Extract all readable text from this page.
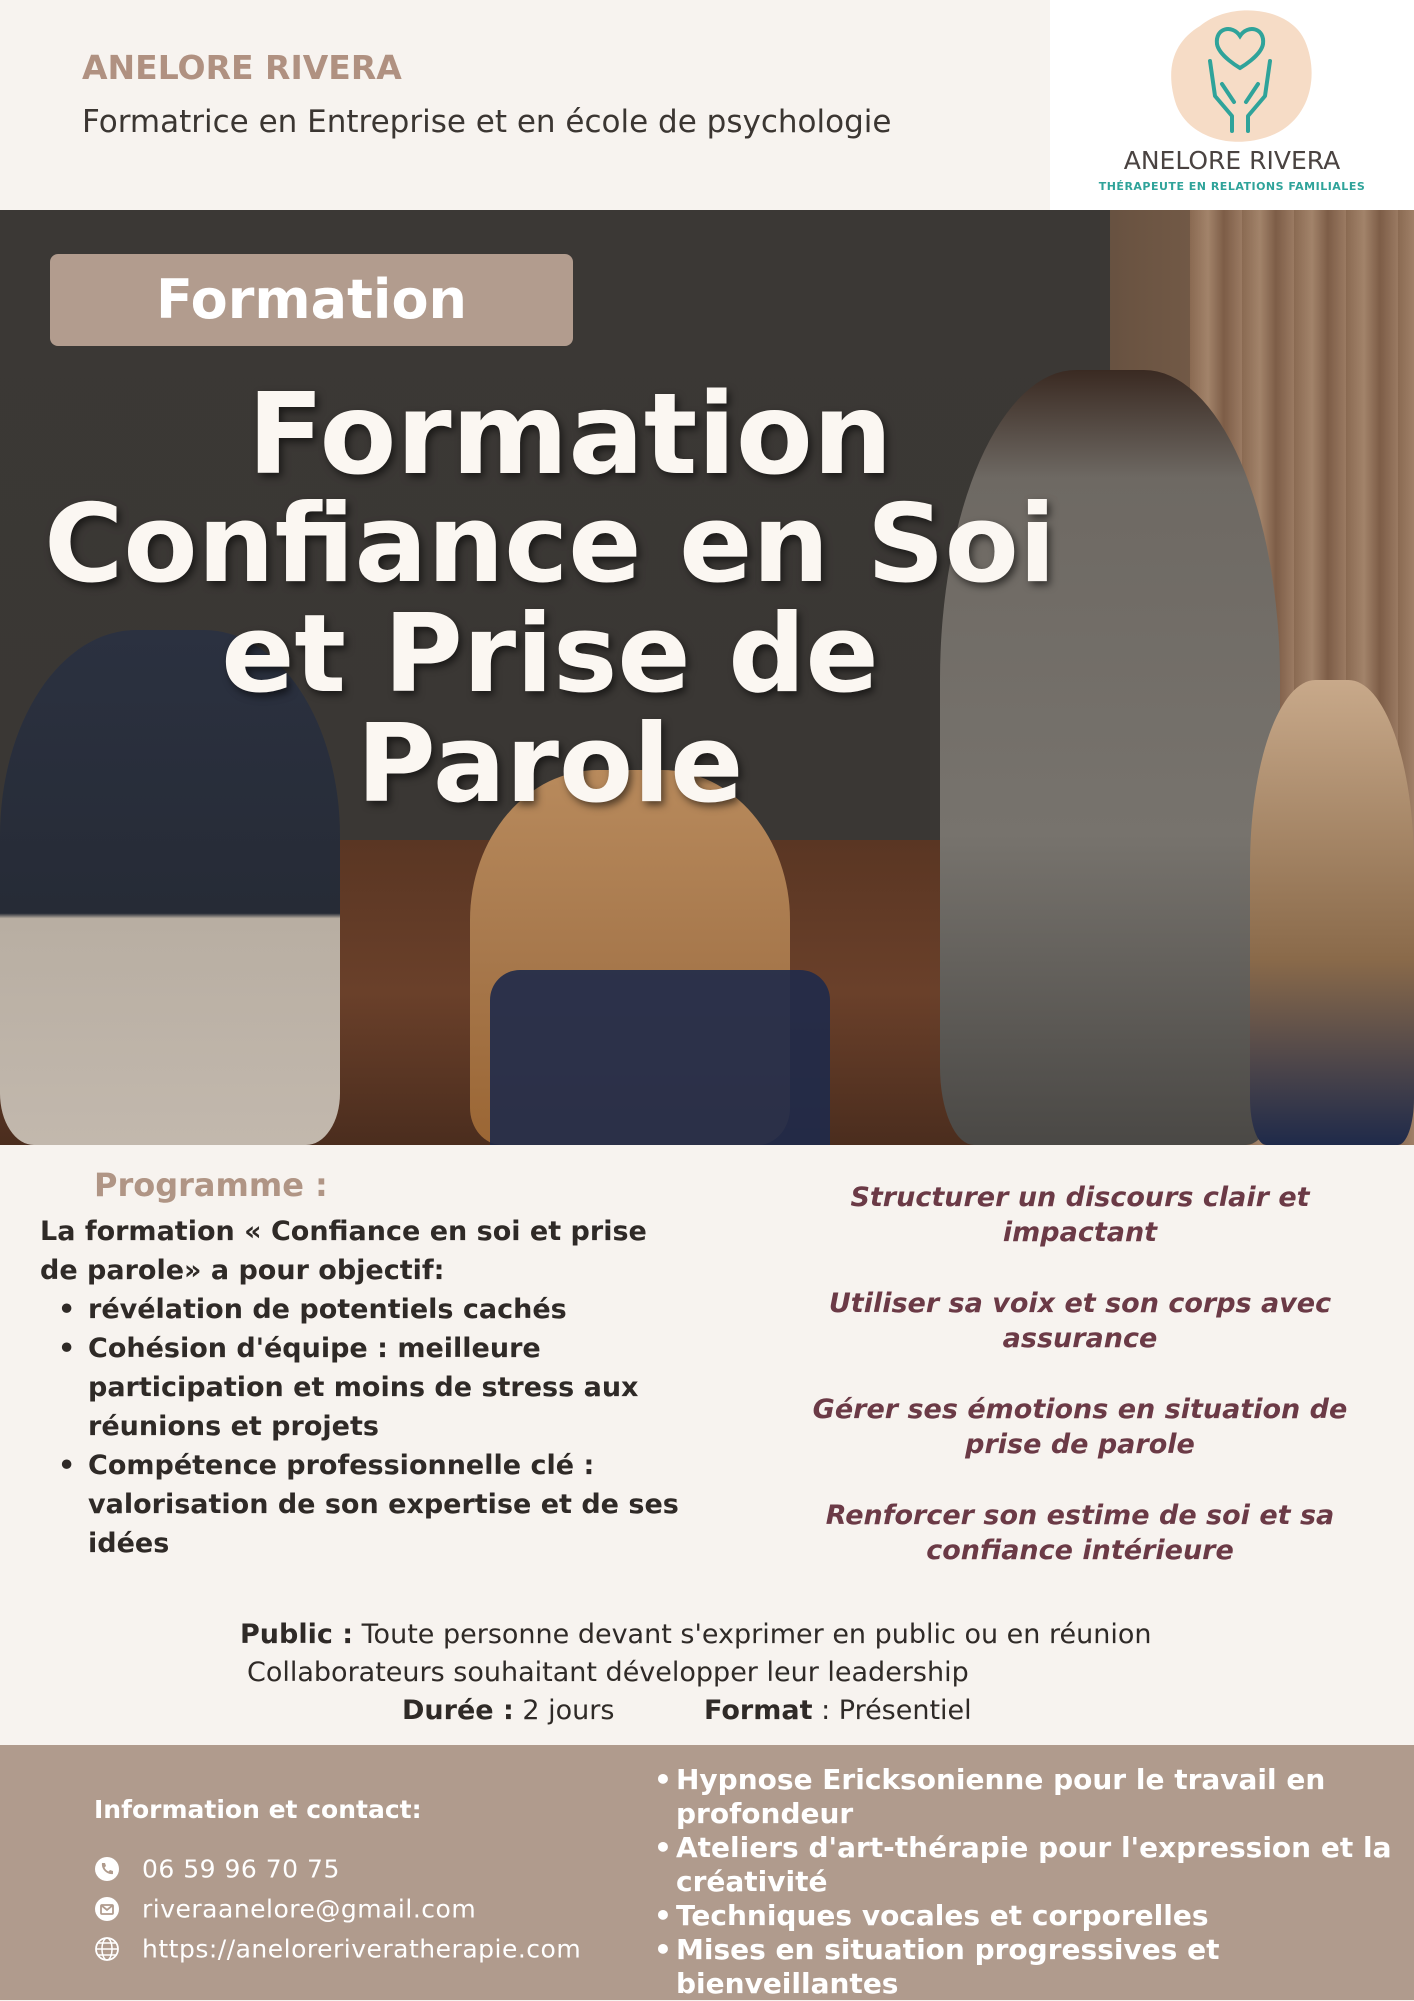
ANELORE RIVERA
Formatrice en Entreprise et en école de psychologie
ANELORE RIVERA
THÉRAPEUTE EN RELATIONS FAMILIALES
Formation
Formation
Confiance en Soi
et Prise de Parole
Programme :
La formation « Confiance en soi et prise de parole» a pour objectif:
• révélation de potentiels cachés
• Cohésion d'équipe : meilleure participation et moins de stress aux réunions et projets
• Compétence professionnelle clé : valorisation de son expertise et de ses idées
Structurer un discours clair et impactant
Utiliser sa voix et son corps avec assurance
Gérer ses émotions en situation de prise de parole
Renforcer son estime de soi et sa confiance intérieure
Public : Toute personne devant s'exprimer en public ou en réunion
Collaborateurs souhaitant développer leur leadership
Durée : 2 jours	Format : Présentiel
Information et contact:
06 59 96 70 75
riveraanelore@gmail.com
https://aneloreriveratherapie.com
• Hypnose Ericksonienne pour le travail en profondeur
• Ateliers d'art-thérapie pour l'expression et la créativité
• Techniques vocales et corporelles
• Mises en situation progressives et bienveillantes
